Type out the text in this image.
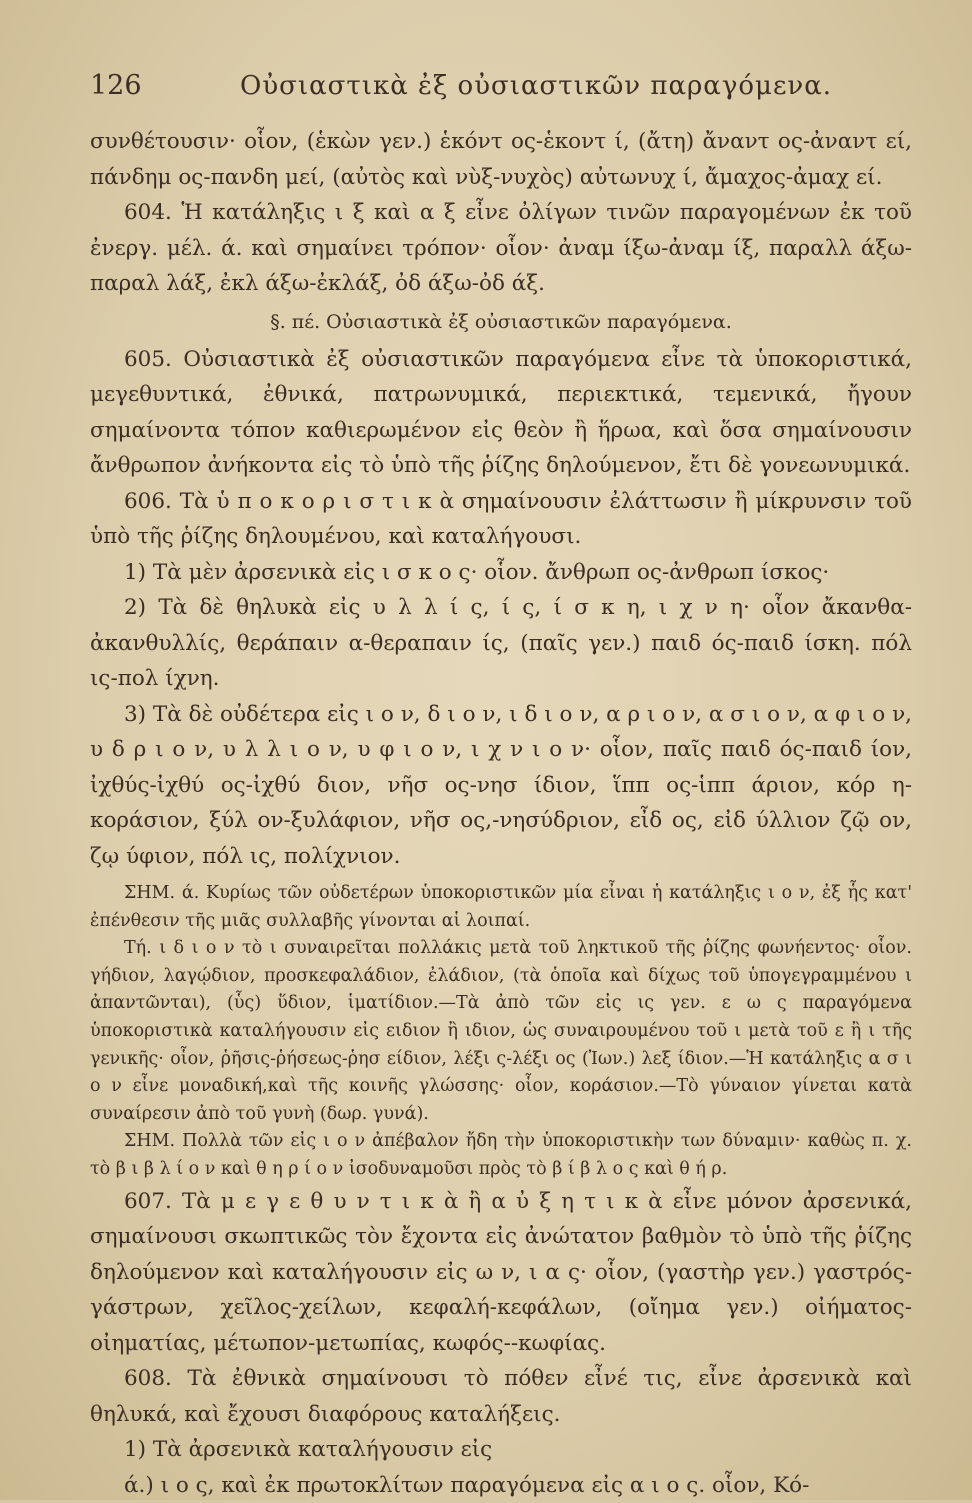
126	Οὐσιαστικὰ ἐξ οὐσιαστικῶν παραγόμενα.

συνθέτουσιν· οἷον, (ἑκὼν γεν.) ἑκόντ ος-ἑκοντ ί, (ἄτη) ἄναντ ος-ἀναντ εί, πάνδημ ος-πανδη μεί, (αὐτὸς καὶ νὺξ-νυχὸς) αὐτωνυχ ί, ἄμαχος-ἀμαχ εί.

604. Ἡ κατάληξις ι ξ καὶ α ξ εἶνε ὀλίγων τινῶν παραγομένων ἐκ τοῦ ἐνεργ. μέλ. ά. καὶ σημαίνει τρόπον· οἷον· ἀναμ ίξω-ἀναμ ίξ, παραλλ άξω-παραλ λάξ, ἐκλ άξω-ἐκλάξ, ὀδ άξω-ὀδ άξ.

§. πέ. Οὐσιαστικὰ ἐξ οὐσιαστικῶν παραγόμενα.

605. Οὐσιαστικὰ ἐξ οὐσιαστικῶν παραγόμενα εἶνε τὰ ὑποκοριστικά, μεγεθυντικά, ἐθνικά, πατρωνυμικά, περιεκτικά, τεμενικά, ἤγουν σημαίνοντα τόπον καθιερωμένον εἰς θεὸν ἢ ἥρωα, καὶ ὅσα σημαίνουσιν ἄνθρωπον ἀνήκοντα εἰς τὸ ὑπὸ τῆς ῥίζης δηλούμενον, ἔτι δὲ γονεωνυμικά.

606. Τὰ ὑ π ο κ ο ρ ι σ τ ι κ ὰ σημαίνουσιν ἐλάττωσιν ἢ μίκρυνσιν τοῦ ὑπὸ τῆς ῥίζης δηλουμένου, καὶ καταλήγουσι.

1) Τὰ μὲν ἀρσενικὰ εἰς ι σ κ ο ς· οἷον. ἄνθρωπ ος-ἀνθρωπ ίσκος·

2) Τὰ δὲ θηλυκὰ εἰς υ λ λ ί ς, ί ς, ί σ κ η, ι χ ν η· οἷον ἄκανθα-ἀκανθυλλίς, θεράπαιν α-θεραπαιν ίς, (παῖς γεν.) παιδ ός-παιδ ίσκη. πόλ ις-πολ ίχνη.

3) Τὰ δὲ οὐδέτερα εἰς ι ο ν, δ ι ο ν, ι δ ι ο ν, α ρ ι ο ν, α σ ι ο ν, α φ ι ο ν, υ δ ρ ι ο ν, υ λ λ ι ο ν, υ φ ι ο ν, ι χ ν ι ο ν· οἷον, παῖς παιδ ός-παιδ ίον, ἰχθύς-ἰχθύ ος-ἰχθύ διον, νῆσ ος-νησ ίδιον, ἵππ ος-ἱππ άριον, κόρ η-κοράσιον, ξύλ ον-ξυλάφιον, νῆσ ος,-νησύδριον, εἶδ ος, εἰδ ύλλιον ζῷ ον, ζῳ ύφιον, πόλ ις, πολίχνιον.

ΣΗΜ. ά. Κυρίως τῶν οὐδετέρων ὑποκοριστικῶν μία εἶναι ἡ κατάληξις ι ο ν, ἐξ ἧς κατ' ἐπένθεσιν τῆς μιᾶς συλλαβῆς γίνονται αἱ λοιπαί.

Τή. ι δ ι ο ν τὸ ι συναιρεῖται πολλάκις μετὰ τοῦ ληκτικοῦ τῆς ῥίζης φωνήεντος· οἷον. γήδιον, λαγῴδιον, προσκεφαλάδιον, ἐλάδιον, (τὰ ὁποῖα καὶ δίχως τοῦ ὑπογεγραμμένου ι ἀπαντῶνται), (ὗς) ὕδιον, ἱματίδιον.—Τὰ ἀπὸ τῶν εἰς ις γεν. ε ω ς παραγόμενα ὑποκοριστικὰ καταλήγουσιν εἰς ειδιον ἢ ιδιον, ὡς συναιρουμένου τοῦ ι μετὰ τοῦ ε ἢ ι τῆς γενικῆς· οἷον, ῥῆσις-ῥήσεως-ῥησ είδιον, λέξι ς-λέξι ος (Ἰων.) λεξ ίδιον.—Ἡ κατάληξις α σ ι ο ν εἶνε μοναδική,καὶ τῆς κοινῆς γλώσσης· οἷον, κοράσιον.—Τὸ γύναιον γίνεται κατὰ συναίρεσιν ἀπὸ τοῦ γυνὴ (δωρ. γυνά).

ΣΗΜ. Πολλὰ τῶν εἰς ι ο ν ἀπέβαλον ἤδη τὴν ὑποκοριστικὴν των δύναμιν· καθὼς π. χ. τὸ β ι β λ ί ο ν καὶ θ η ρ ί ο ν ἰσοδυναμοῦσι πρὸς τὸ β ί β λ ο ς καὶ θ ή ρ.

607. Τὰ μ ε γ ε θ υ ν τ ι κ ὰ ἢ α ὐ ξ η τ ι κ ὰ εἶνε μόνον ἀρσενικά, σημαίνουσι σκωπτικῶς τὸν ἔχοντα εἰς ἀνώτατον βαθμὸν τὸ ὑπὸ τῆς ῥίζης δηλούμενον καὶ καταλήγουσιν εἰς ω ν, ι α ς· οἷον, (γαστὴρ γεν.) γαστρός-γάστρων, χεῖλος-χείλων, κεφαλή-κεφάλων, (οἴημα γεν.) οἰήματος-οἰηματίας, μέτωπον-μετωπίας, κωφός--κωφίας.

608. Τὰ ἐθνικὰ σημαίνουσι τὸ πόθεν εἶνέ τις, εἶνε ἀρσενικὰ καὶ θηλυκά, καὶ ἔχουσι διαφόρους καταλήξεις.

1) Τὰ ἀρσενικὰ καταλήγουσιν εἰς

ά.) ι ο ς, καὶ ἐκ πρωτοκλίτων παραγόμενα εἰς α ι ο ς. οἷον, Κό-
